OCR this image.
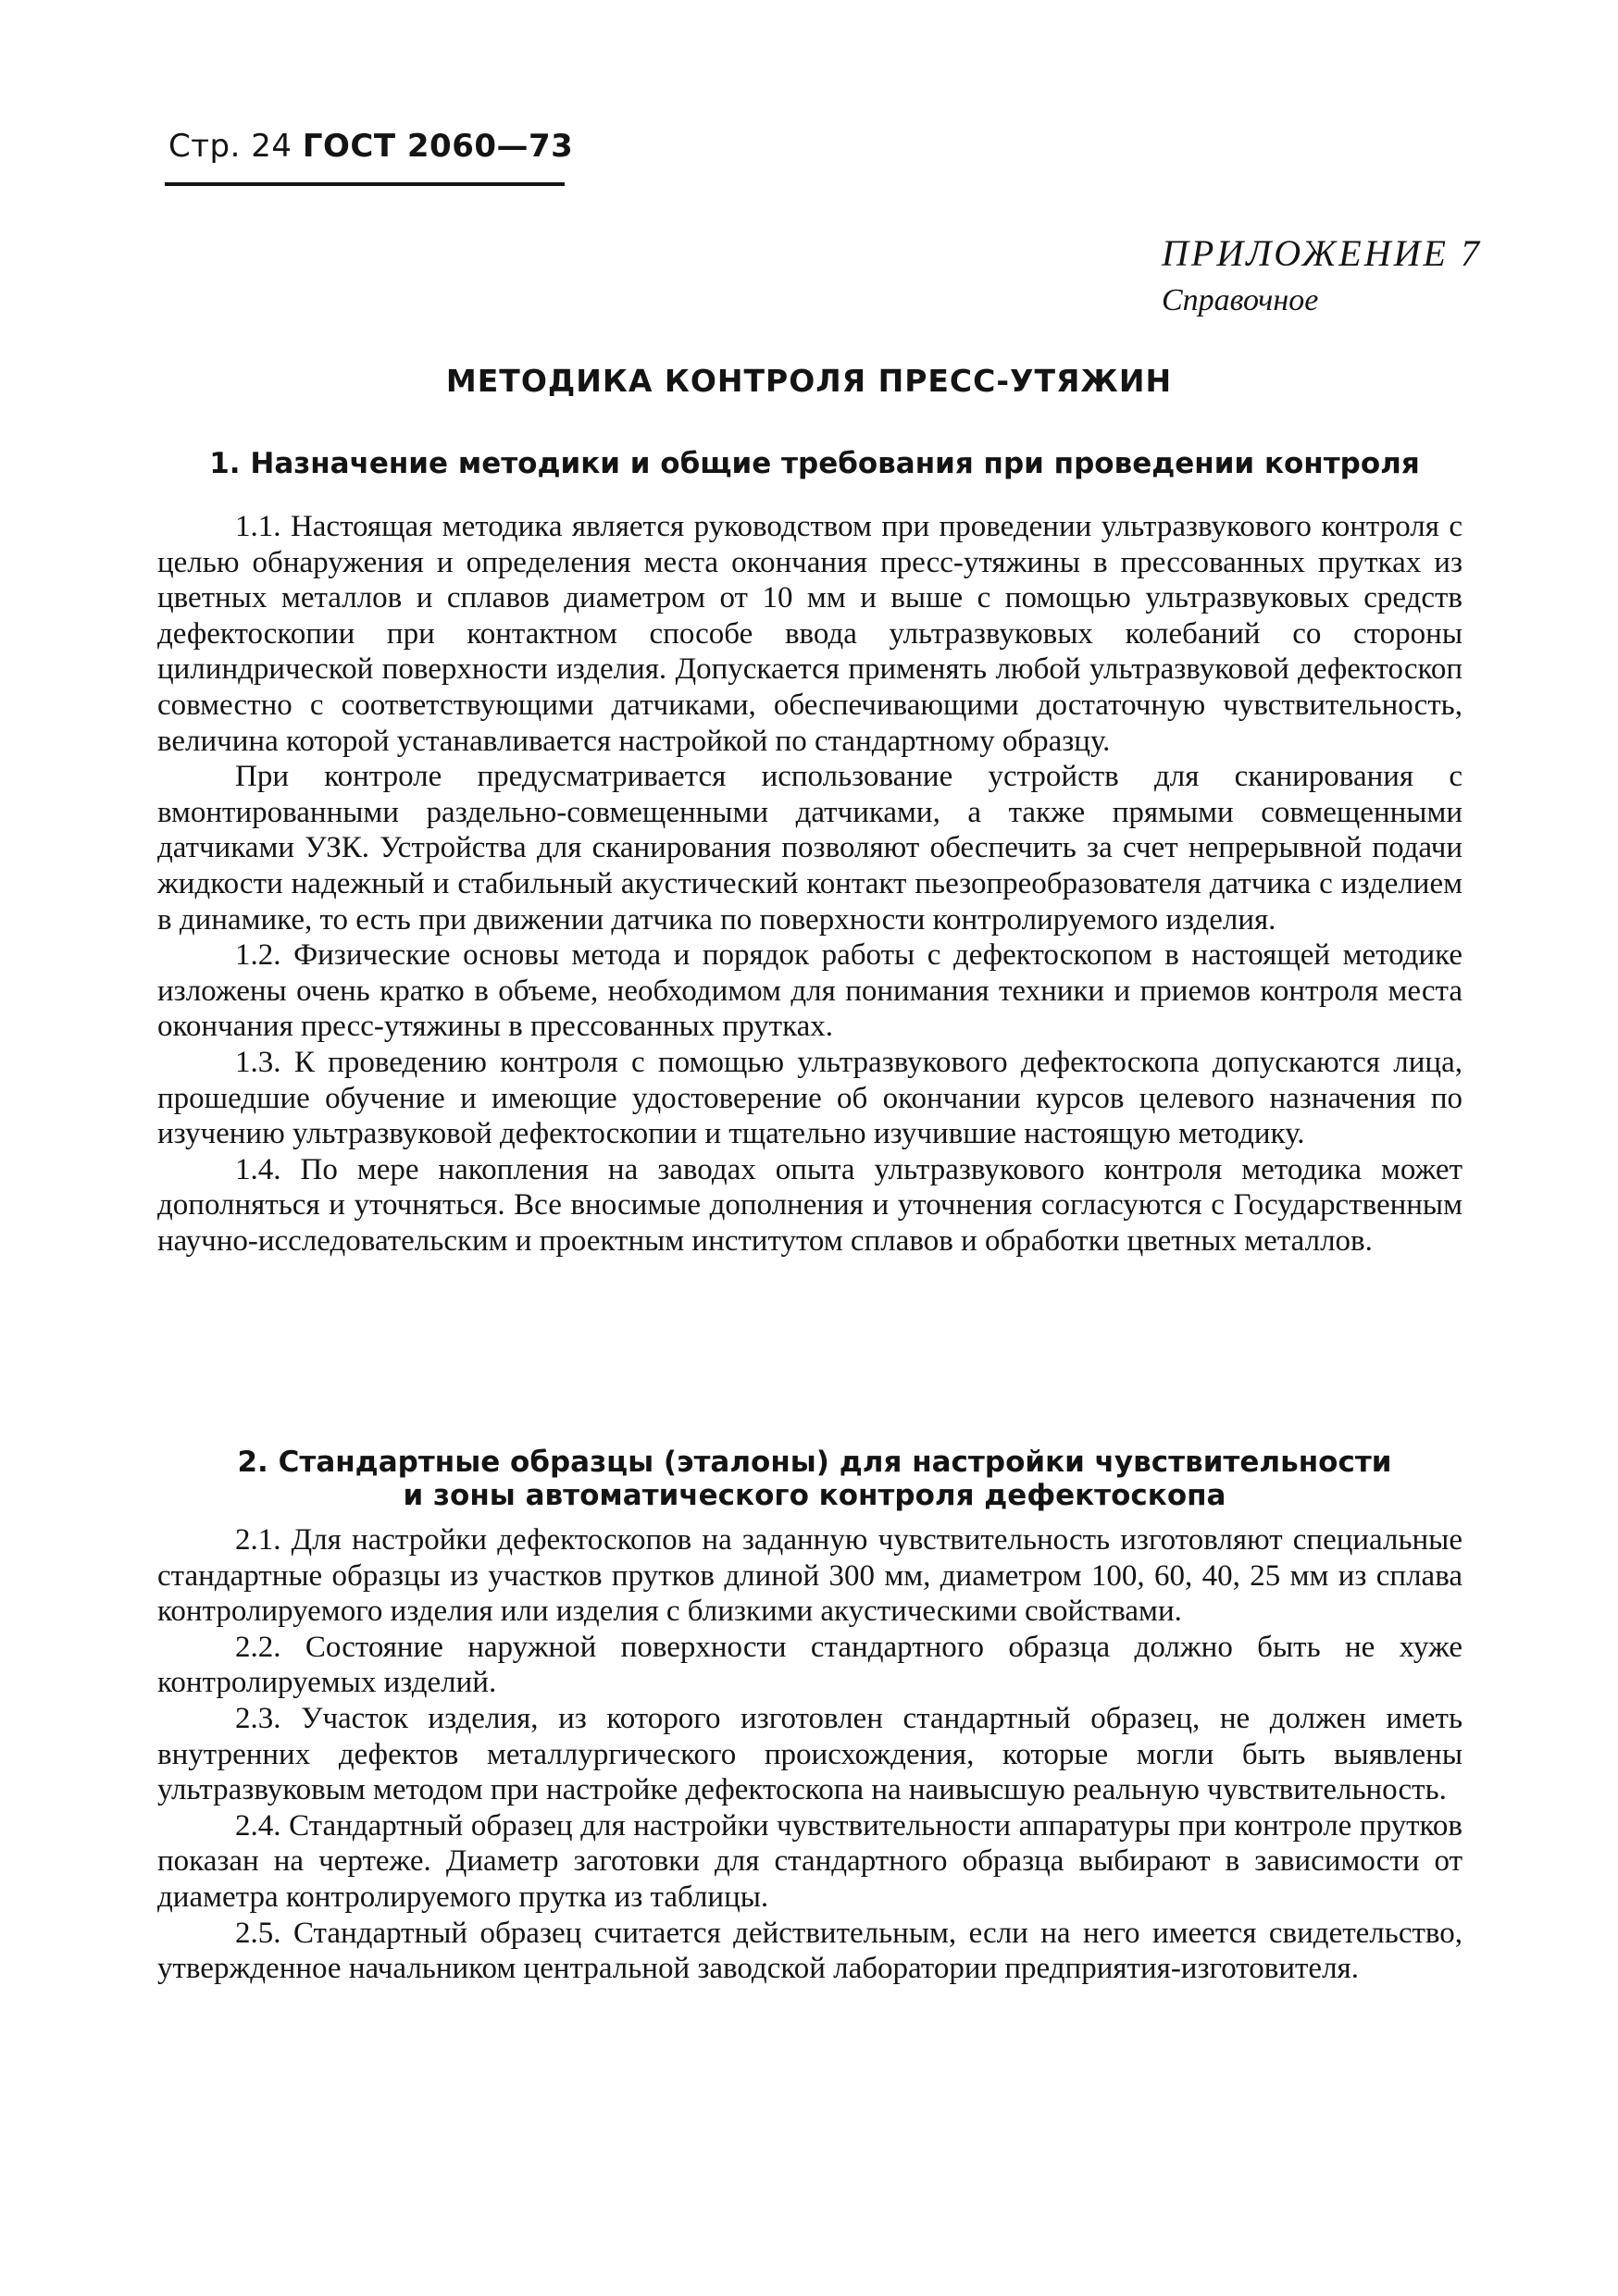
Стр. 24 ГОСТ 2060—73
ПРИЛОЖЕНИЕ 7
Справочное
МЕТОДИКА КОНТРОЛЯ ПРЕСС-УТЯЖИН
1. Назначение методики и общие требования при проведении контроля

1.1. Настоящая методика является руководством при проведении ультразвукового контроля с целью обнаружения и определения места окончания пресс-утяжины в прессованных прутках из цветных металлов и сплавов диаметром от 10 мм и выше с помощью ультразвуковых средств дефектоскопии при контактном способе ввода ультразвуковых колебаний со стороны цилиндрической поверхности изделия. Допускается применять любой ультразвуковой дефектоскоп совместно с соответствующими датчиками, обеспечивающими достаточную чувствительность, величина которой устанавливается настройкой по стандартному образцу.

При контроле предусматривается использование устройств для сканирования с вмонтированными раздельно-совмещенными датчиками, а также прямыми совмещенными датчиками УЗК. Устройства для сканирования позволяют обеспечить за счет непрерывной подачи жидкости надежный и стабильный акустический контакт пьезопреобразователя датчика с изделием в динамике, то есть при движении датчика по поверхности контролируемого изделия.

1.2. Физические основы метода и порядок работы с дефектоскопом в настоящей методике изложены очень кратко в объеме, необходимом для понимания техники и приемов контроля места окончания пресс-утяжины в прессованных прутках.

1.3. К проведению контроля с помощью ультразвукового дефектоскопа допускаются лица, прошедшие обучение и имеющие удостоверение об окончании курсов целевого назначения по изучению ультразвуковой дефектоскопии и тщательно изучившие настоящую методику.

1.4. По мере накопления на заводах опыта ультразвукового контроля методика может дополняться и уточняться. Все вносимые дополнения и уточнения согласуются с Государственным научно-исследовательским и проектным институтом сплавов и обработки цветных металлов.

2. Стандартные образцы (эталоны) для настройки чувствительности
и зоны автоматического контроля дефектоскопа

2.1. Для настройки дефектоскопов на заданную чувствительность изготовляют специальные стандартные образцы из участков прутков длиной 300 мм, диаметром 100, 60, 40, 25 мм из сплава контролируемого изделия или изделия с близкими акустическими свойствами.

2.2. Состояние наружной поверхности стандартного образца должно быть не хуже контролируемых изделий.

2.3. Участок изделия, из которого изготовлен стандартный образец, не должен иметь внутренних дефектов металлургического происхождения, которые могли быть выявлены ультразвуковым методом при настройке дефектоскопа на наивысшую реальную чувствительность.

2.4. Стандартный образец для настройки чувствительности аппаратуры при контроле прутков показан на чертеже. Диаметр заготовки для стандартного образца выбирают в зависимости от диаметра контролируемого прутка из таблицы.

2.5. Стандартный образец считается действительным, если на него имеется свидетельство, утвержденное начальником центральной заводской лаборатории предприятия-изготовителя.
